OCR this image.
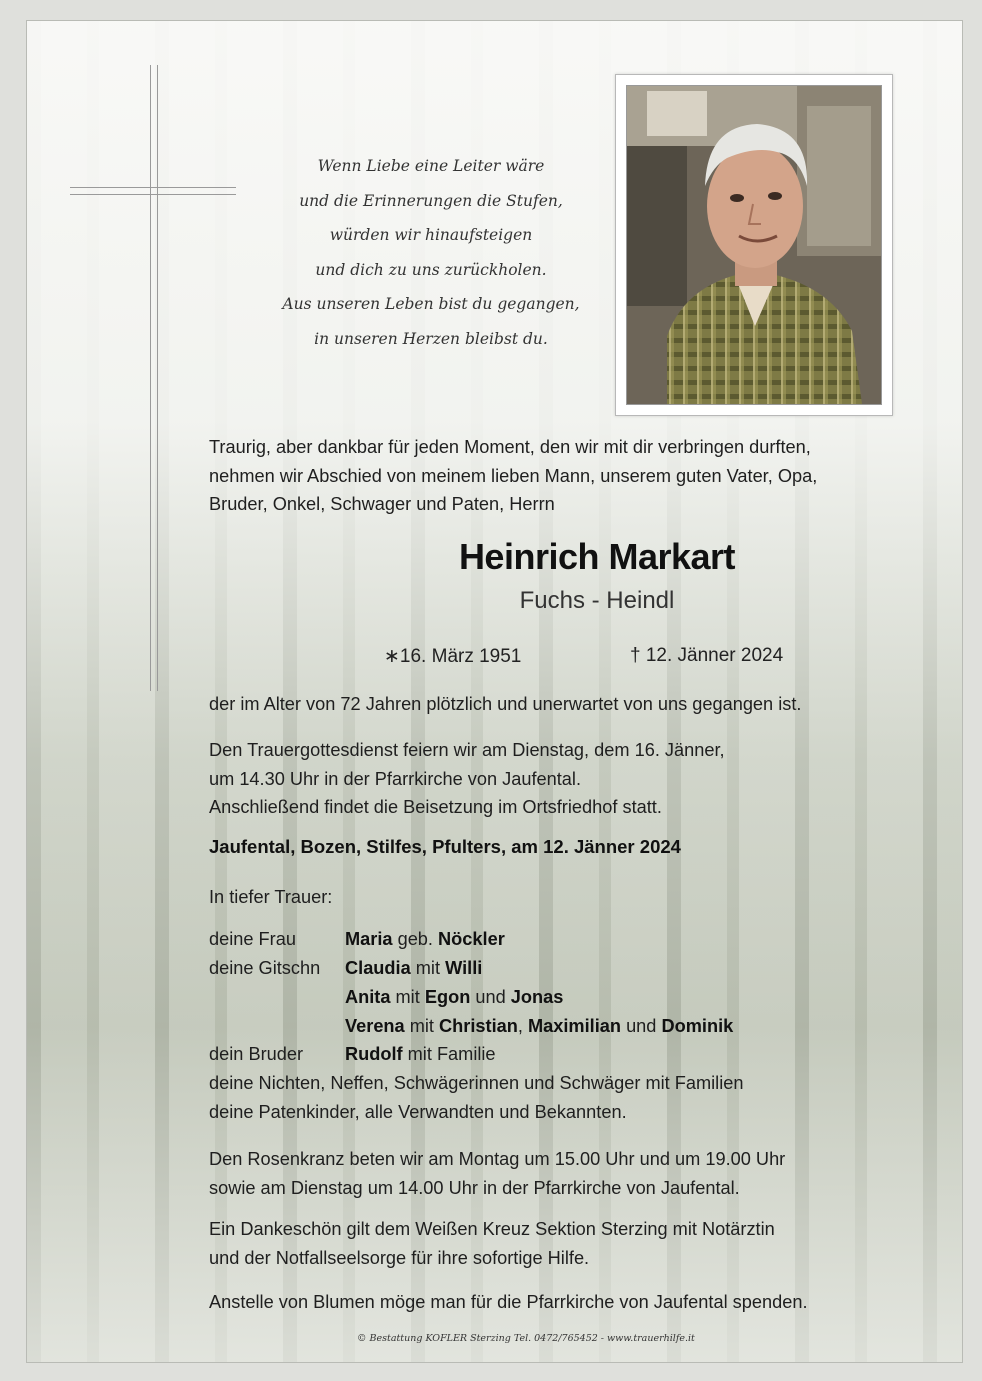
Wenn Liebe eine Leiter wäre
und die Erinnerungen die Stufen,
würden wir hinaufsteigen
und dich zu uns zurückholen.
Aus unseren Leben bist du gegangen,
in unseren Herzen bleibst du.
Traurig, aber dankbar für jeden Moment, den wir mit dir verbringen durften,
nehmen wir Abschied von meinem lieben Mann, unserem guten Vater, Opa,
Bruder, Onkel, Schwager und Paten, Herrn
Heinrich Markart
Fuchs - Heindl
∗16. März 1951	† 12. Jänner 2024
der im Alter von 72 Jahren plötzlich und unerwartet von uns gegangen ist.
Den Trauergottesdienst feiern wir am Dienstag, dem 16. Jänner,
um 14.30 Uhr in der Pfarrkirche von Jaufental.
Anschließend findet die Beisetzung im Ortsfriedhof statt.
Jaufental, Bozen, Stilfes, Pfulters, am 12. Jänner 2024
In tiefer Trauer:
deine Frau	Maria geb. Nöckler
deine Gitschn Claudia mit Willi
Anita mit Egon und Jonas
Verena mit Christian, Maximilian und Dominik
dein Bruder Rudolf mit Familie
deine Nichten, Neffen, Schwägerinnen und Schwäger mit Familien
deine Patenkinder, alle Verwandten und Bekannten.
Den Rosenkranz beten wir am Montag um 15.00 Uhr und um 19.00 Uhr
sowie am Dienstag um 14.00 Uhr in der Pfarrkirche von Jaufental.
Ein Dankeschön gilt dem Weißen Kreuz Sektion Sterzing mit Notärztin
und der Notfallseelsorge für ihre sofortige Hilfe.
Anstelle von Blumen möge man für die Pfarrkirche von Jaufental spenden.
© Bestattung KOFLER Sterzing Tel. 0472/765452 - www.trauerhilfe.it
